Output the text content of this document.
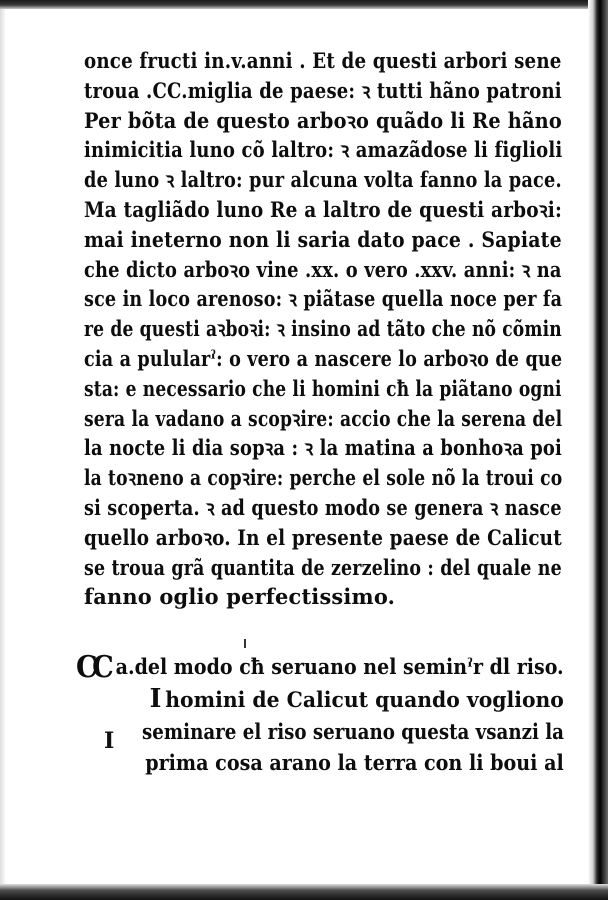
once fructi in.v.anni . Et de questi arbori sene
troua .CC.miglia de paese: ꝛ tutti hãno patroni
Per bõta de questo arboꝛo quãdo li Re hãno
inimicitia luno cõ laltro: ꝛ amazãdose li figlioli
de luno ꝛ laltro: pur alcuna volta fanno la pace.
Ma tagliãdo luno Re a laltro de questi arboꝛi:
mai ineterno non li saria dato pace . Sapiate
che dicto arboꝛo vine .xx. o vero .xxv. anni: ꝛ na
sce in loco arenoso: ꝛ piãtase quella noce per fa
re de questi aꝛboꝛi: ꝛ insino ad tãto che nõ cõmin
cia a pulularˀ: o vero a nascere lo arboꝛo de que
sta: e necessario che li homini cħ la piãtano ogni
sera la vadano a scopꝛire: accio che la serena del
la nocte li dia sopꝛa : ꝛ la matina a bonhoꝛa poi
la toꝛneno a copꝛire: perche el sole nõ la troui co
si scoperta. ꝛ ad questo modo se genera ꝛ nasce
quello arboꝛo. In el presente paese de Calicut
se troua grã quantita de zerzelino : del quale ne
fanno oglio perfectissimo.
CC a.del modo cħ seruano nel seminˀr dl riso.
I homini de Calicut quando vogliono
seminare el riso seruano questa vsanzi la
prima cosa arano la terra con li boui al
I
